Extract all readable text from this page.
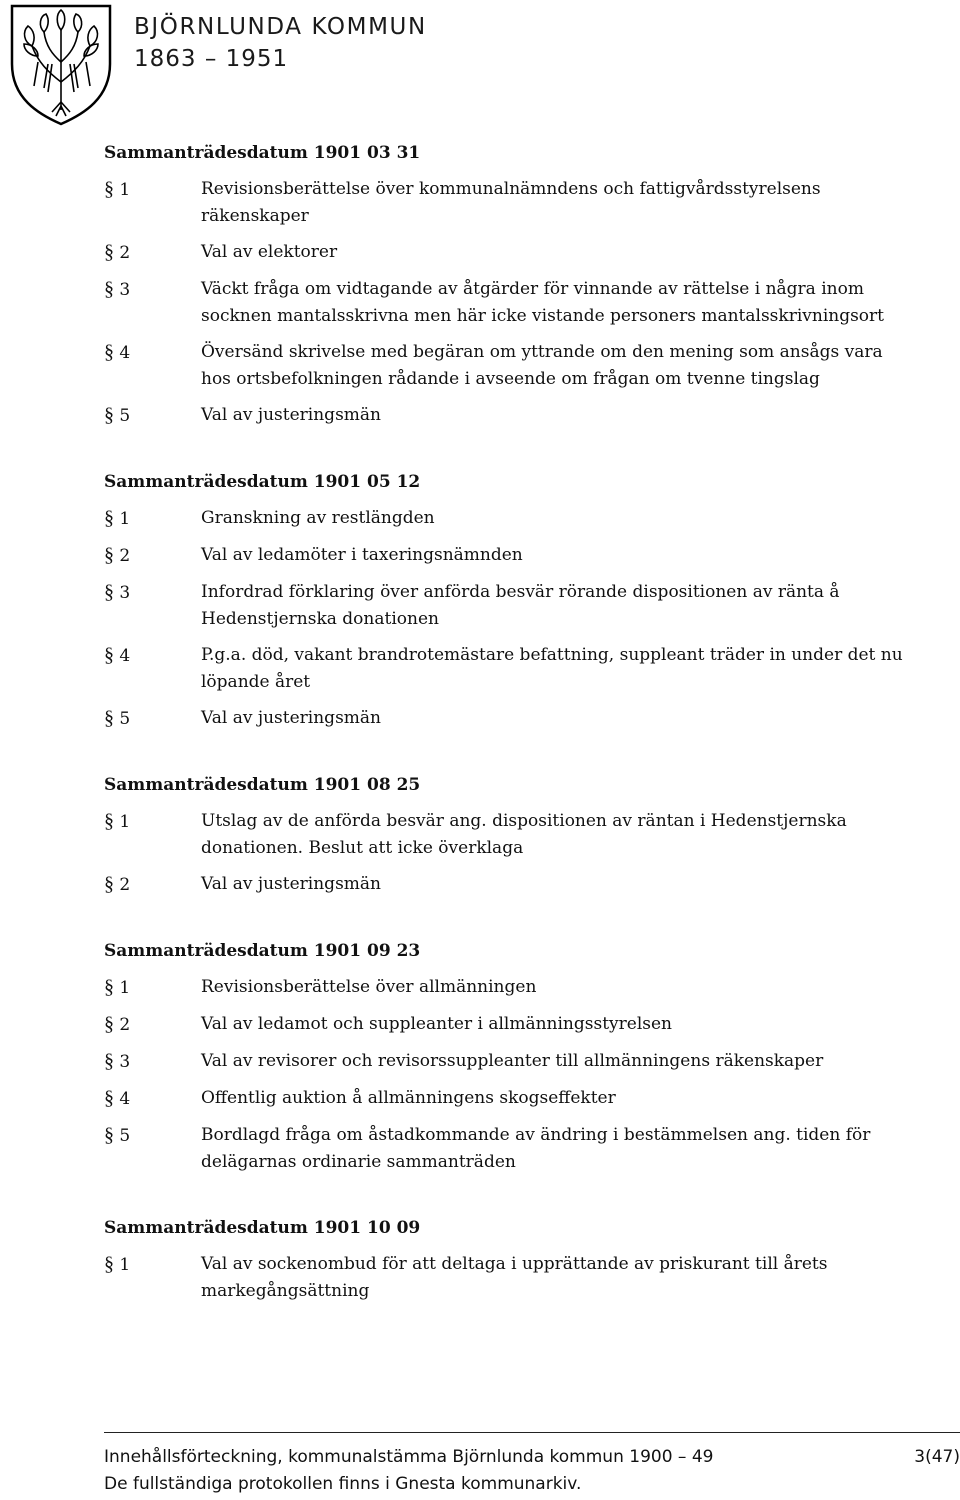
BJÖRNLUNDA KOMMUN
1863 – 1951
Sammanträdesdatum 1901 03 31
§ 1	Revisionsberättelse över kommunalnämndens och fattigvårdsstyrelsens räkenskaper
§ 2	Val av elektorer
§ 3	Väckt fråga om vidtagande av åtgärder för vinnande av rättelse i några inom socknen mantalsskrivna men här icke vistande personers mantalsskrivningsort
§ 4	Översänd skrivelse med begäran om yttrande om den mening som ansågs vara hos ortsbefolkningen rådande i avseende om frågan om tvenne tingslag
§ 5	Val av justeringsmän
Sammanträdesdatum 1901 05 12
§ 1	Granskning av restlängden
§ 2	Val av ledamöter i taxeringsnämnden
§ 3	Infordrad förklaring över anförda besvär rörande dispositionen av ränta å Hedenstjernska donationen
§ 4	P.g.a. död, vakant brandrotemästare befattning, suppleant träder in under det nu löpande året
§ 5	Val av justeringsmän
Sammanträdesdatum 1901 08 25
§ 1	Utslag av de anförda besvär ang. dispositionen av räntan i Hedenstjernska donationen. Beslut att icke överklaga
§ 2	Val av justeringsmän
Sammanträdesdatum 1901 09 23
§ 1	Revisionsberättelse över allmänningen
§ 2	Val av ledamot och suppleanter i allmänningsstyrelsen
§ 3	Val av revisorer och revisorssuppleanter till allmänningens räkenskaper
§ 4	Offentlig auktion å allmänningens skogseffekter
§ 5	Bordlagd fråga om åstadkommande av ändring i bestämmelsen ang. tiden för delägarnas ordinarie sammanträden
Sammanträdesdatum 1901 10 09
§ 1	Val av sockenombud för att deltaga i upprättande av priskurant till årets markegångsättning
Innehållsförteckning, kommunalstämma Björnlunda kommun 1900 – 49
De fullständiga protokollen finns i Gnesta kommunarkiv.
3(47)
